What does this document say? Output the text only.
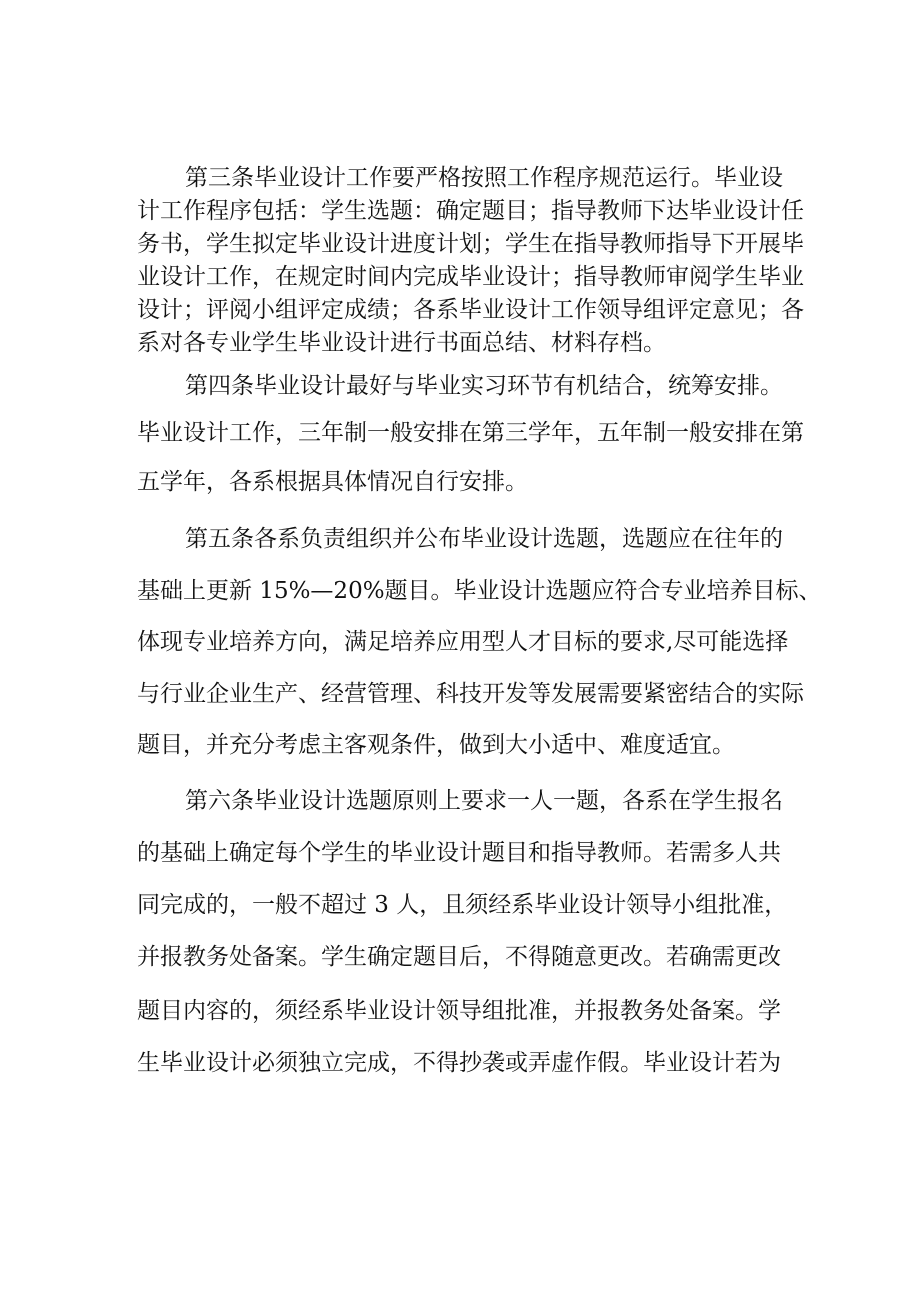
第三条毕业设计工作要严格按照工作程序规范运行。毕业设

计工作程序包括：学生选题：确定题目；指导教师下达毕业设计任

务书，学生拟定毕业设计进度计划；学生在指导教师指导下开展毕

业设计工作，在规定时间内完成毕业设计；指导教师审阅学生毕业

设计；评阅小组评定成绩；各系毕业设计工作领导组评定意见；各

系对各专业学生毕业设计进行书面总结、材料存档。

第四条毕业设计最好与毕业实习环节有机结合，统筹安排。

毕业设计工作，三年制一般安排在第三学年，五年制一般安排在第

五学年，各系根据具体情况自行安排。

第五条各系负责组织并公布毕业设计选题，选题应在往年的

基础上更新 15%—20%题目。毕业设计选题应符合专业培养目标、

体现专业培养方向，满足培养应用型人才目标的要求,尽可能选择

与行业企业生产、经营管理、科技开发等发展需要紧密结合的实际

题目，并充分考虑主客观条件，做到大小适中、难度适宜。

第六条毕业设计选题原则上要求一人一题，各系在学生报名

的基础上确定每个学生的毕业设计题目和指导教师。若需多人共

同完成的，一般不超过 3 人，且须经系毕业设计领导小组批准，

并报教务处备案。学生确定题目后，不得随意更改。若确需更改

题目内容的，须经系毕业设计领导组批准，并报教务处备案。学

生毕业设计必须独立完成，不得抄袭或弄虚作假。毕业设计若为
